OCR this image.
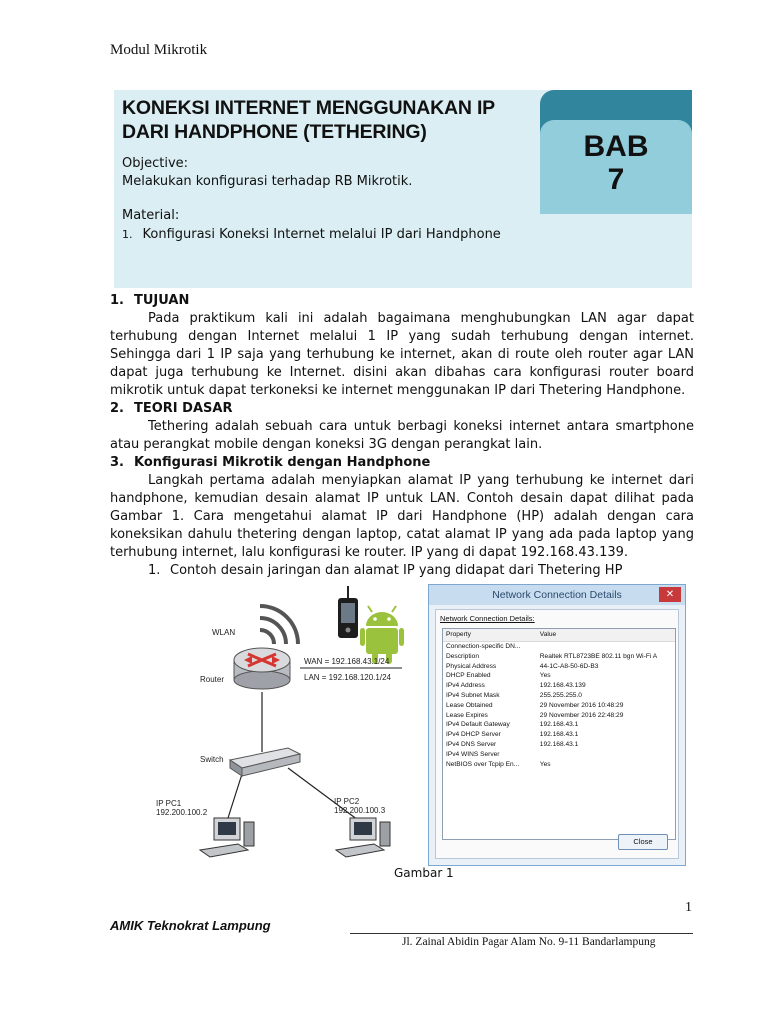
Modul Mikrotik
KONEKSI INTERNET MENGGUNAKAN IP DARI HANDPHONE (TETHERING)
Objective:
Melakukan konfigurasi terhadap RB Mikrotik.
Material:
1. Konfigurasi Koneksi Internet melalui IP dari Handphone
BAB
7
1. TUJUAN
Pada praktikum kali ini adalah bagaimana menghubungkan LAN agar dapat terhubung dengan Internet melalui 1 IP yang sudah terhubung dengan internet. Sehingga dari 1 IP saja yang terhubung ke internet, akan di route oleh router agar LAN dapat juga terhubung ke Internet. disini akan dibahas cara konfigurasi router board mikrotik untuk dapat terkoneksi ke internet menggunakan IP dari Thetering Handphone.
2. TEORI DASAR
Tethering adalah sebuah cara untuk berbagi koneksi internet antara smartphone atau perangkat mobile dengan koneksi 3G dengan perangkat lain.
3. Konfigurasi Mikrotik dengan Handphone
Langkah pertama adalah menyiapkan alamat IP yang terhubung ke internet dari handphone, kemudian desain alamat IP untuk LAN. Contoh desain dapat dilihat pada Gambar 1. Cara mengetahui alamat IP dari Handphone (HP) adalah dengan cara koneksikan dahulu thetering dengan laptop, catat alamat IP yang ada pada laptop yang terhubung internet, lalu konfigurasi ke router. IP yang di dapat 192.168.43.139.
1. Contoh desain jaringan dan alamat IP yang didapat dari Thetering HP
WLAN
Router
Switch
WAN = 192.168.43.1/24
LAN = 192.168.120.1/24
IP PC1
192.200.100.2
IP PC2
192.200.100.3
Network Connection Details	✕
Network Connection Details:
Property	Value
Connection-specific DN...
Description	Realtek RTL8723BE 802.11 bgn Wi-Fi A
Physical Address	44-1C-A8-50-6D-B3
DHCP Enabled	Yes
IPv4 Address	192.168.43.139
IPv4 Subnet Mask	255.255.255.0
Lease Obtained	29 November 2016 10:48:29
Lease Expires	29 November 2016 22:48:29
IPv4 Default Gateway	192.168.43.1
IPv4 DHCP Server	192.168.43.1
IPv4 DNS Server	192.168.43.1
IPv4 WINS Server
NetBIOS over Tcpip En...	Yes
Close
Gambar 1
1
AMIK Teknokrat Lampung
Jl. Zainal Abidin Pagar Alam No. 9-11 Bandarlampung
